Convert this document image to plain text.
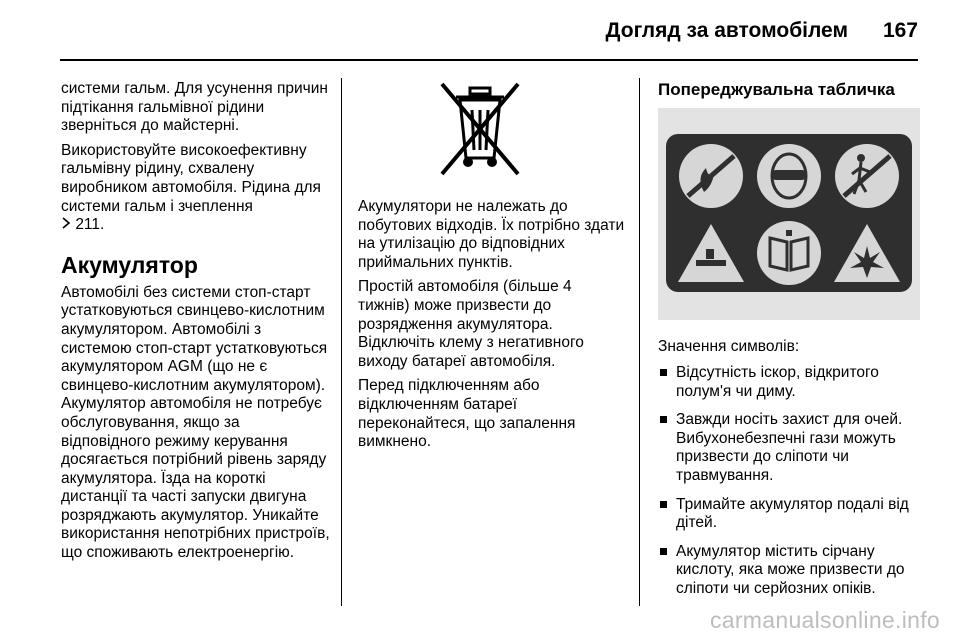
Догляд за автомобілем 167

системи гальм. Для усунення причин підтікання гальмівної рідини зверніться до майстерні.

Використовуйте високоефективну гальмівну рідину, схвалену виробником автомобіля. Рідина для системи гальм і зчеплення
211.

Акумулятор

Автомобілі без системи стоп-старт устатковуються свинцево-кислотним акумулятором. Автомобілі з системою стоп-старт устатковуються акумулятором AGM (що не є свинцево-кислотним акумулятором). Акумулятор автомобіля не потребує обслуговування, якщо за відповідного режиму керування досягається потрібний рівень заряду акумулятора. Їзда на короткі дистанції та часті запуски двигуна розряджають акумулятор. Уникайте використання непотрібних пристроїв, що споживають електроенергію.

Акумулятори не належать до побутових відходів. Їх потрібно здати на утилізацію до відповідних приймальних пунктів.

Простій автомобіля (більше 4 тижнів) може призвести до розрядження акумулятора. Відключіть клему з негативного виходу батареї автомобіля.

Перед підключенням або відключенням батареї переконайтеся, що запалення вимкнено.

Попереджувальна табличка
Значення символів:
Відсутність іскор, відкритого полум'я чи диму.
Завжди носіть захист для очей. Вибухонебезпечні гази можуть призвести до сліпоти чи травмування.
Тримайте акумулятор подалі від дітей.
Акумулятор містить сірчану кислоту, яка може призвести до сліпоти чи серйозних опіків.
carmanualsonline.info
